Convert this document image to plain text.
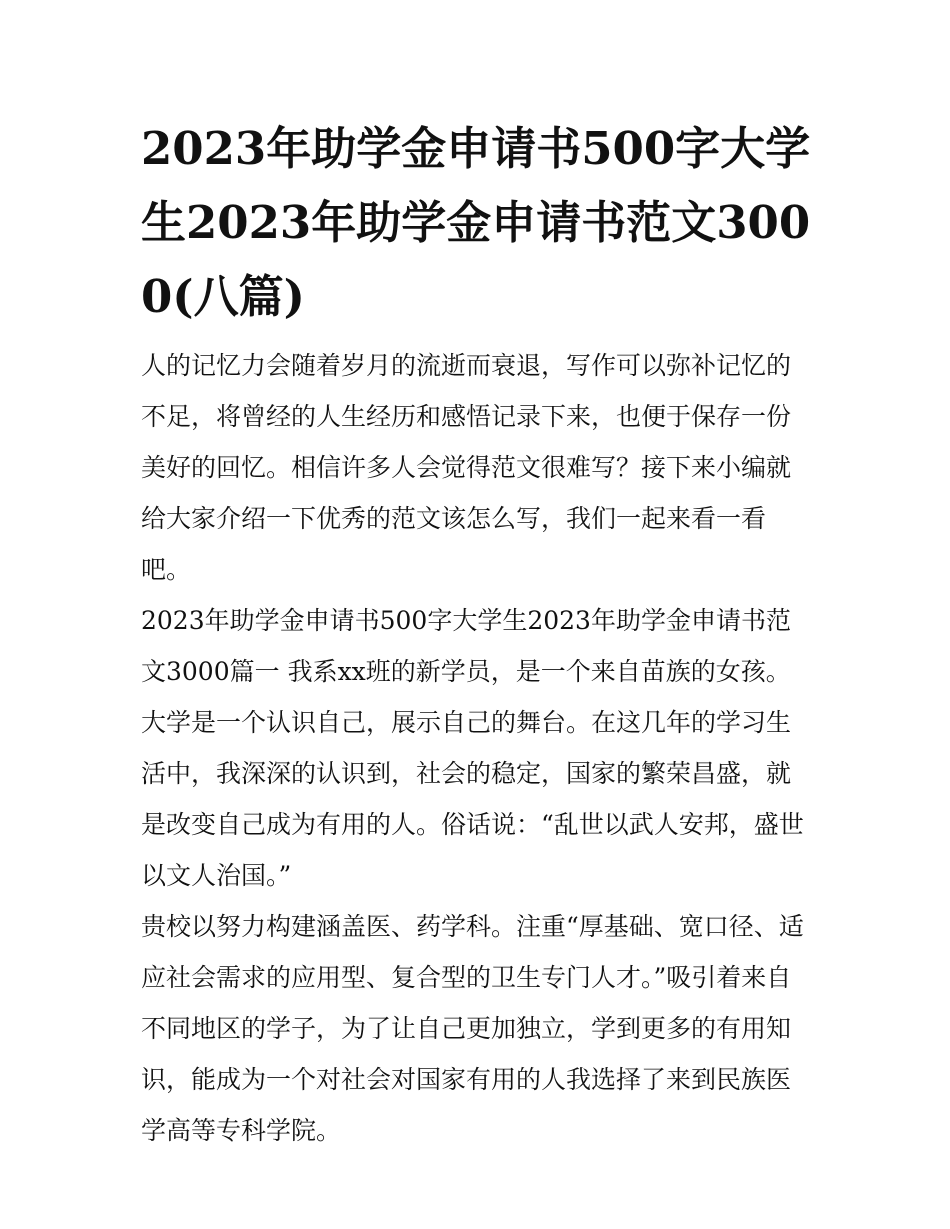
2023年助学金申请书500字大学生2023年助学金申请书范文3000(八篇)

人的记忆力会随着岁月的流逝而衰退，写作可以弥补记忆的不足，将曾经的人生经历和感悟记录下来，也便于保存一份美好的回忆。相信许多人会觉得范文很难写？接下来小编就给大家介绍一下优秀的范文该怎么写，我们一起来看一看吧。

2023年助学金申请书500字大学生2023年助学金申请书范文3000篇一 我系xx班的新学员，是一个来自苗族的女孩。

大学是一个认识自己，展示自己的舞台。在这几年的学习生活中，我深深的认识到，社会的稳定，国家的繁荣昌盛，就是改变自己成为有用的人。俗话说：“乱世以武人安邦，盛世以文人治国。”

贵校以努力构建涵盖医、药学科。注重“厚基础、宽口径、适应社会需求的应用型、复合型的卫生专门人才。”吸引着来自不同地区的学子，为了让自己更加独立，学到更多的有用知识，能成为一个对社会对国家有用的人我选择了来到民族医学高等专科学院。
